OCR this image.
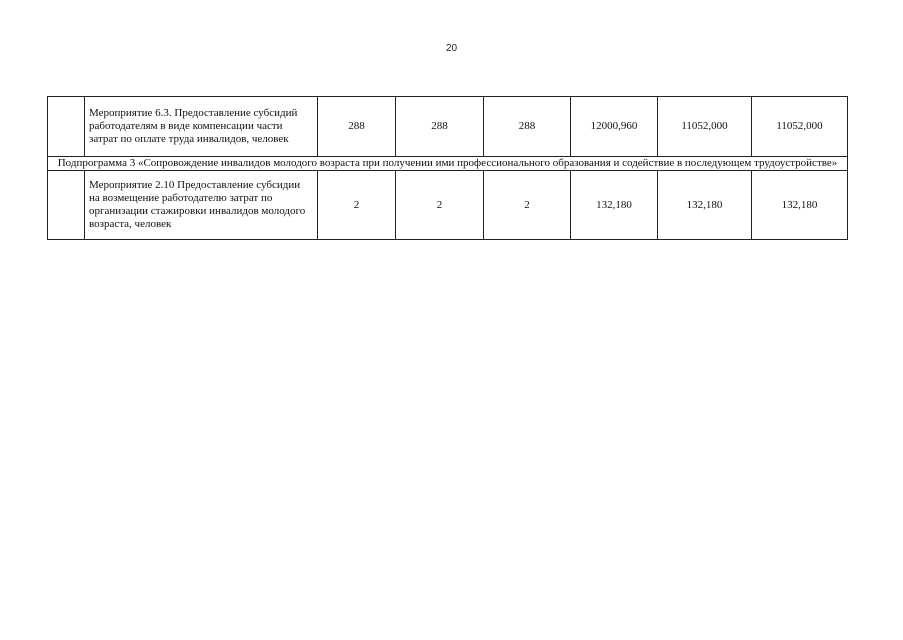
20
	Мероприятие 6.3. Предоставление субсидий работодателям в виде компенсации части затрат по оплате труда инвалидов, человек	288	288	288	12000,960	11052,000	11052,000
Подпрограмма 3 «Сопровождение инвалидов молодого возраста при получении ими профессионального образования и содействие в последующем трудоустройстве»							
	Мероприятие 2.10 Предоставление субсидии на возмещение работодателю затрат по организации стажировки инвалидов молодого возраста, человек	2	2	2	132,180	132,180	132,180
